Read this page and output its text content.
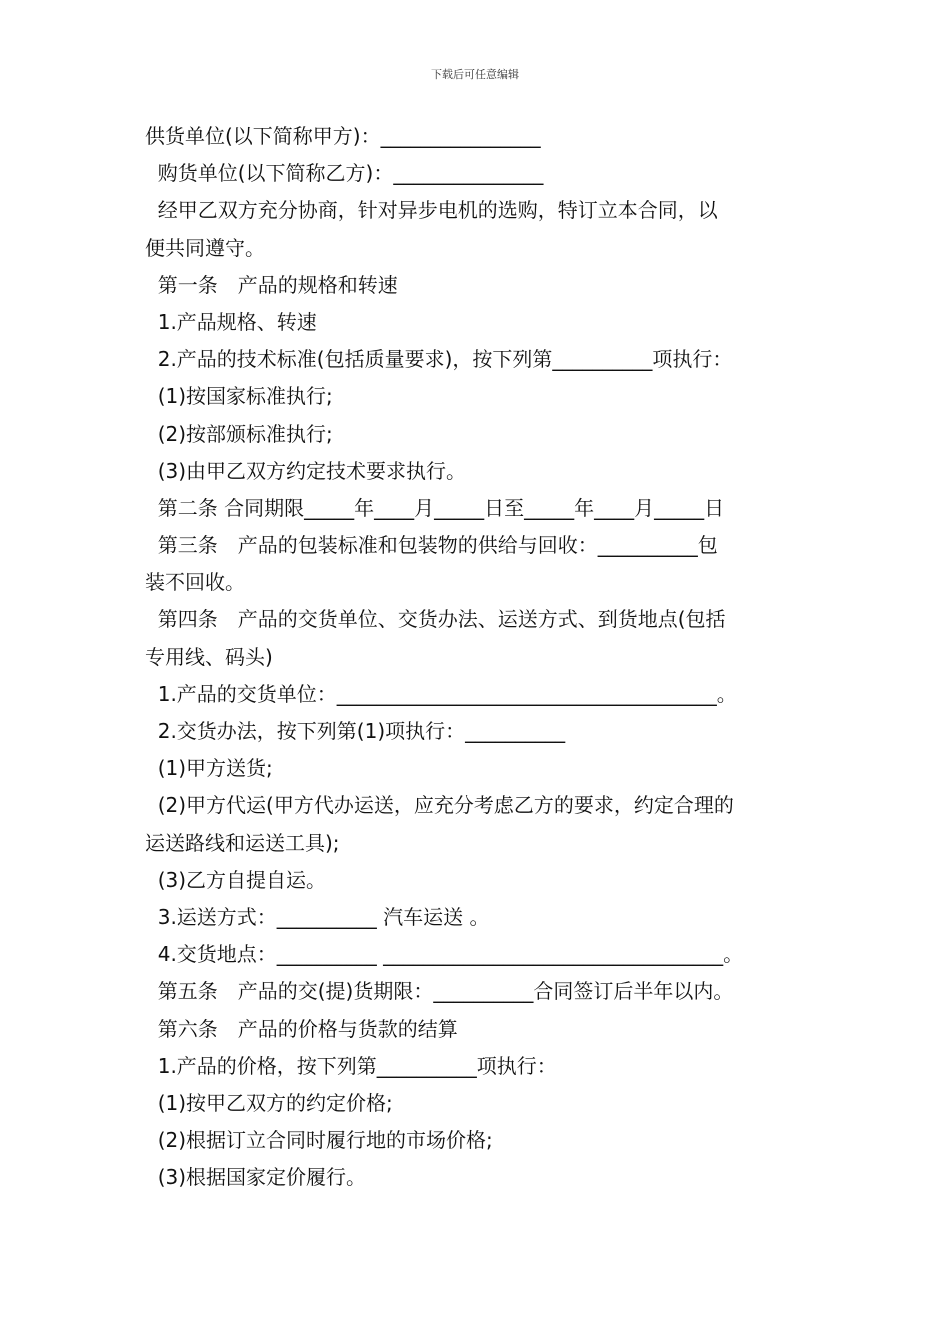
下载后可任意编辑

供货单位(以下简称甲方)：________________

购货单位(以下简称乙方)：_______________

经甲乙双方充分协商，针对异步电机的选购，特订立本合同，以

便共同遵守。

第一条　产品的规格和转速

1.产品规格、转速

2.产品的技术标准(包括质量要求)，按下列第__________项执行：

(1)按国家标准执行;

(2)按部颁标准执行;

(3)由甲乙双方约定技术要求执行。

第二条 合同期限_____年____月_____日至_____年____月_____日

第三条　产品的包装标准和包装物的供给与回收：__________包

装不回收。

第四条　产品的交货单位、交货办法、运送方式、到货地点(包括

专用线、码头)

1.产品的交货单位：______________________________________。

2.交货办法，按下列第(1)项执行：__________

(1)甲方送货;

(2)甲方代运(甲方代办运送，应充分考虑乙方的要求，约定合理的

运送路线和运送工具);

(3)乙方自提自运。

3.运送方式：__________ 汽车运送 。

4.交货地点：__________ __________________________________。

第五条　产品的交(提)货期限：__________合同签订后半年以内。

第六条　产品的价格与货款的结算

1.产品的价格，按下列第__________项执行：

(1)按甲乙双方的约定价格;

(2)根据订立合同时履行地的市场价格;

(3)根据国家定价履行。
